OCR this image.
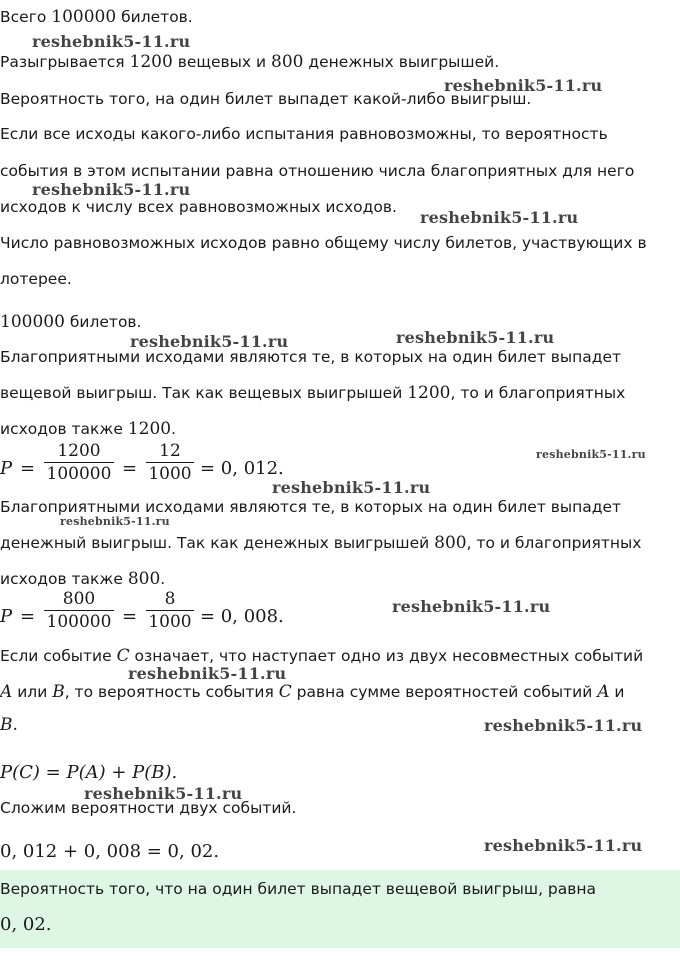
Всего 100000 билетов.
Разыгрывается 1200 вещевых и 800 денежных выигрышей.
Вероятность того, на один билет выпадет какой-либо выигрыш.
Если все исходы какого-либо испытания равновозможны, то вероятность
события в этом испытании равна отношению числа благоприятных для него
исходов к числу всех равновозможных исходов.
Число равновозможных исходов равно общему числу билетов, участвующих в
лотерее.
100000 билетов.
Благоприятными исходами являются те, в которых на один билет выпадет
вещевой выигрыш. Так как вещевых выигрышей 1200, то и благоприятных
исходов также 1200.
P =
1200
100000 =
12
1000 = 0, 012.
Благоприятными исходами являются те, в которых на один билет выпадет
денежный выигрыш. Так как денежных выигрышей 800, то и благоприятных
исходов также 800.
P =
800
100000 =
8
1000 = 0, 008.
Если событие C означает, что наступает одно из двух несовместных событий
A или B, то вероятность события C равна сумме вероятностей событий A и
B.
P(C) = P(A) + P(B).
Сложим вероятности двух событий.
0, 012 + 0, 008 = 0, 02.
Вероятность того, что на один билет выпадет вещевой выигрыш, равна
0, 02.
reshebnik5-11.ru
reshebnik5-11.ru
reshebnik5-11.ru
reshebnik5-11.ru
reshebnik5-11.ru	reshebnik5-11.ru
reshebnik5-11.ru
reshebnik5-11.ru
reshebnik5-11.ru
reshebnik5-11.ru
reshebnik5-11.ru
reshebnik5-11.ru
reshebnik5-11.ru
reshebnik5-11.ru
